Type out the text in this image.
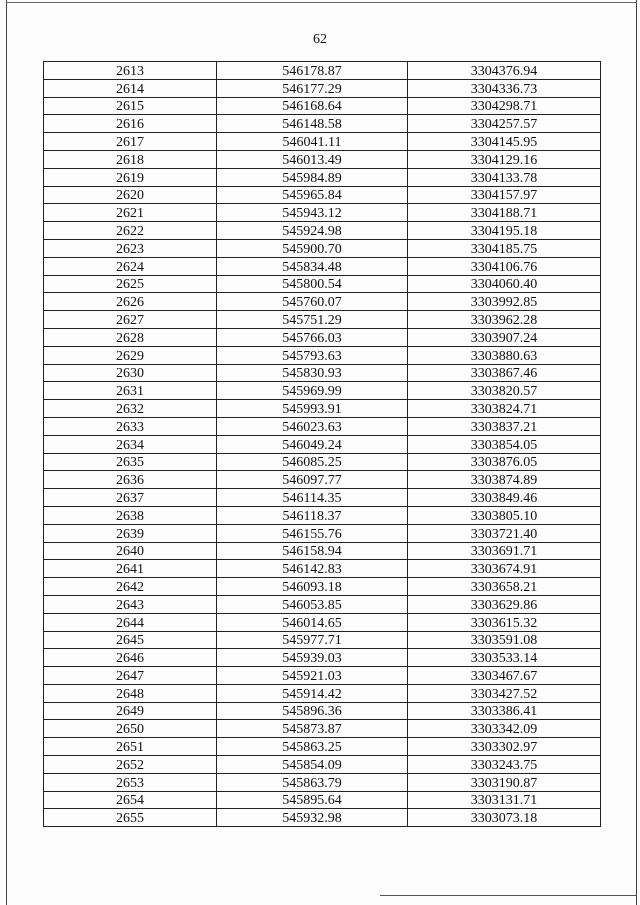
62
2613	546178.87	3304376.94
2614	546177.29	3304336.73
2615	546168.64	3304298.71
2616	546148.58	3304257.57
2617	546041.11	3304145.95
2618	546013.49	3304129.16
2619	545984.89	3304133.78
2620	545965.84	3304157.97
2621	545943.12	3304188.71
2622	545924.98	3304195.18
2623	545900.70	3304185.75
2624	545834.48	3304106.76
2625	545800.54	3304060.40
2626	545760.07	3303992.85
2627	545751.29	3303962.28
2628	545766.03	3303907.24
2629	545793.63	3303880.63
2630	545830.93	3303867.46
2631	545969.99	3303820.57
2632	545993.91	3303824.71
2633	546023.63	3303837.21
2634	546049.24	3303854.05
2635	546085.25	3303876.05
2636	546097.77	3303874.89
2637	546114.35	3303849.46
2638	546118.37	3303805.10
2639	546155.76	3303721.40
2640	546158.94	3303691.71
2641	546142.83	3303674.91
2642	546093.18	3303658.21
2643	546053.85	3303629.86
2644	546014.65	3303615.32
2645	545977.71	3303591.08
2646	545939.03	3303533.14
2647	545921.03	3303467.67
2648	545914.42	3303427.52
2649	545896.36	3303386.41
2650	545873.87	3303342.09
2651	545863.25	3303302.97
2652	545854.09	3303243.75
2653	545863.79	3303190.87
2654	545895.64	3303131.71
2655	545932.98	3303073.18
